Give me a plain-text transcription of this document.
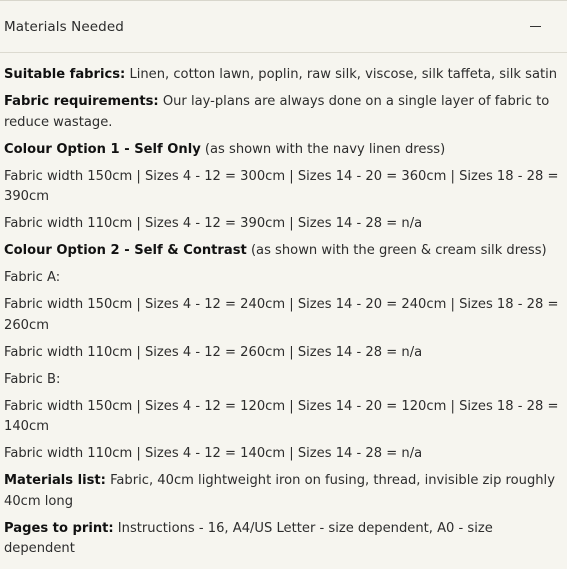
Materials Needed

Suitable fabrics: Linen, cotton lawn, poplin, raw silk, viscose, silk taffeta, silk satin

Fabric requirements: Our lay-plans are always done on a single layer of fabric to reduce wastage.

Colour Option 1 - Self Only (as shown with the navy linen dress)

Fabric width 150cm | Sizes 4 - 12 = 300cm | Sizes 14 - 20 = 360cm | Sizes 18 - 28 = 390cm

Fabric width 110cm | Sizes 4 - 12 = 390cm | Sizes 14 - 28 = n/a

Colour Option 2 - Self & Contrast (as shown with the green & cream silk dress)

Fabric A:

Fabric width 150cm | Sizes 4 - 12 = 240cm | Sizes 14 - 20 = 240cm | Sizes 18 - 28 = 260cm

Fabric width 110cm | Sizes 4 - 12 = 260cm | Sizes 14 - 28 = n/a

Fabric B:

Fabric width 150cm | Sizes 4 - 12 = 120cm | Sizes 14 - 20 = 120cm | Sizes 18 - 28 = 140cm

Fabric width 110cm | Sizes 4 - 12 = 140cm | Sizes 14 - 28 = n/a

Materials list: Fabric, 40cm lightweight iron on fusing, thread, invisible zip roughly 40cm long

Pages to print: Instructions - 16, A4/US Letter - size dependent, A0 - size dependent
